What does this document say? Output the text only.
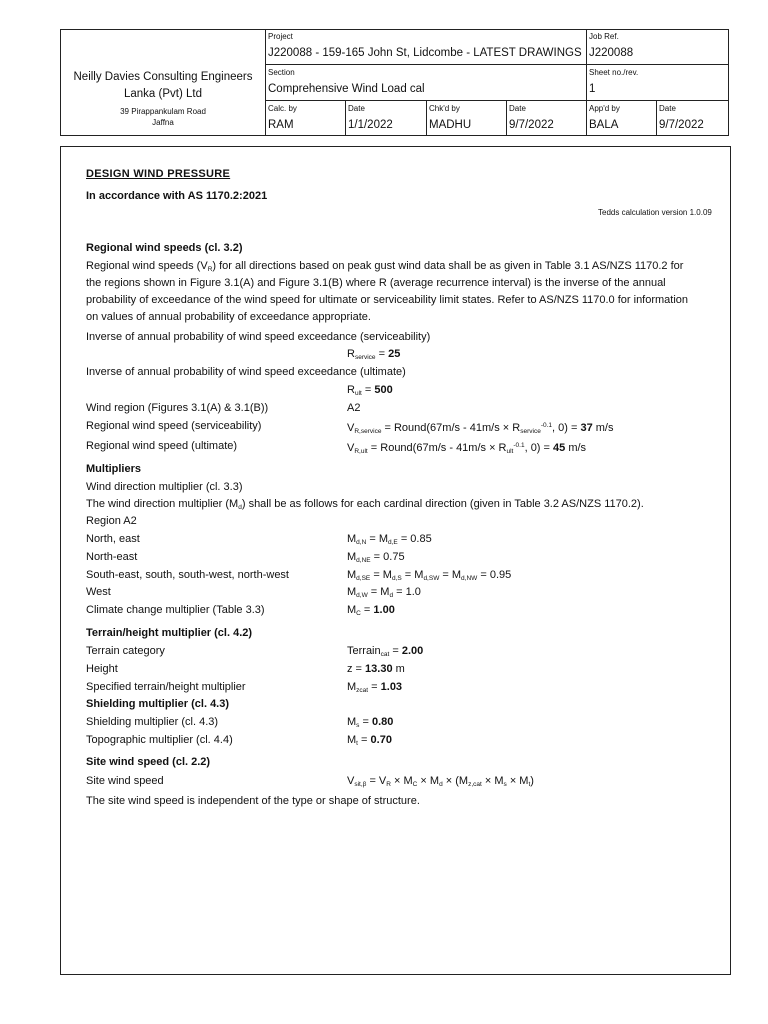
Neilly Davies Consulting Engineers
Lanka (Pvt) Ltd
39 Pirappankulam Road
Jaffna
Project
J220088 - 159-165 John St, Lidcombe - LATEST DRAWINGS
Job Ref.
J220088
Section
Comprehensive Wind Load cal
Sheet no./rev.
1
Calc. by
RAM
Date
1/1/2022
Chk'd by
MADHU
Date
9/7/2022
App'd by
BALA
Date
9/7/2022
DESIGN WIND PRESSURE
In accordance with AS 1170.2:2021
Tedds calculation version 1.0.09
Regional wind speeds (cl. 3.2)
Regional wind speeds $(V_R)$ for all directions based on peak gust wind data shall be as given in Table 3.1 AS/NZS 1170.2 for
the regions shown in Figure 3.1(A) and Figure 3.1(B) where R (average recurrence interval) is the inverse of the annual
probability of exceedance of the wind speed for ultimate or serviceability limit states. Refer to AS/NZS 1170.0 for information
on values of annual probability of exceedance appropriate.
Inverse of annual probability of wind speed exceedance (serviceability)
$R_{service} = 25$
Inverse of annual probability of wind speed exceedance (ultimate)
$R_{ult} = 500$
Wind region (Figures 3.1(A) & 3.1(B))	A2
Regional wind speed (serviceability)	$V_{R,service}$ = Round(67m/s - $41m/s \times R_{service}^{-0.1}$, 0) = 37 m/s
Regional wind speed (ultimate)	$V_{R,ult}$ = Round(67m/s - $41m/s \times R_{ult}^{-0.1}$, 0) = 45 m/s
Multipliers
Wind direction multiplier (cl. 3.3)
The wind direction multiplier $(M_d)$ shall be as follows for each cardinal direction (given in Table 3.2 AS/NZS 1170.2).
Region A2
North, east	$M_{d,N} = M_{d,E} = 0.85$
North-east	$M_{d,NE} = 0.75$
South-east, south, south-west, north-west	$M_{d,SE} = M_{d,S} = M_{d,SW} = M_{d,NW} = 0.95$
West	$M_{d,W} = M_d = 1.0$
Climate change multiplier (Table 3.3)	$M_C = 1.00$
Terrain/height multiplier (cl. 4.2)
Terrain category	Terrain$_{cat}$ = 2.00
Height	z = 13.30 m
Specified terrain/height multiplier	$M_{zcat} = 1.03$
Shielding multiplier (cl. 4.3)
Shielding multiplier (cl. 4.3)	$M_s = 0.80$
Topographic multiplier (cl. 4.4)	$M_t = 0.70$
Site wind speed (cl. 2.2)
Site wind speed	$V_{sit,\beta} = V_R \times M_C \times M_d \times (M_{z,cat} \times M_s \times M_t)$
The site wind speed is independent of the type or shape of structure.
